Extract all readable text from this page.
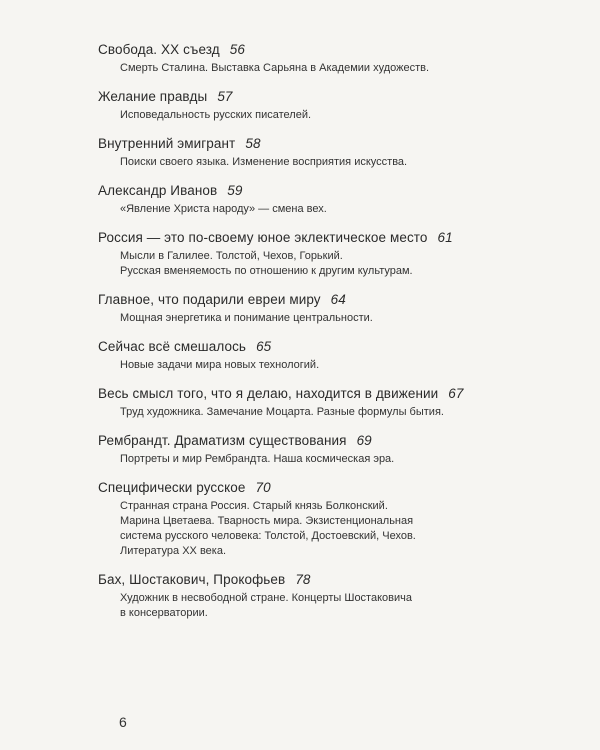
Свобода. XX съезд 56
Смерть Сталина. Выставка Сарьяна в Академии художеств.
Желание правды 57
Исповедальность русских писателей.
Внутренний эмигрант 58
Поиски своего языка. Изменение восприятия искусства.
Александр Иванов 59
«Явление Христа народу» — смена вех.
Россия — это по-своему юное эклектическое место 61
Мысли в Галилее. Толстой, Чехов, Горький.
Русская вменяемость по отношению к другим культурам.
Главное, что подарили евреи миру 64
Мощная энергетика и понимание центральности.
Сейчас всё смешалось 65
Новые задачи мира новых технологий.
Весь смысл того, что я делаю, находится в движении 67
Труд художника. Замечание Моцарта. Разные формулы бытия.
Рембрандт. Драматизм существования 69
Портреты и мир Рембрандта. Наша космическая эра.
Специфически русское 70
Странная страна Россия. Старый князь Болконский.
Марина Цветаева. Тварность мира. Экзистенциональная
система русского человека: Толстой, Достоевский, Чехов.
Литература XX века.
Бах, Шостакович, Прокофьев 78
Художник в несвободной стране. Концерты Шостаковича
в консерватории.
6
